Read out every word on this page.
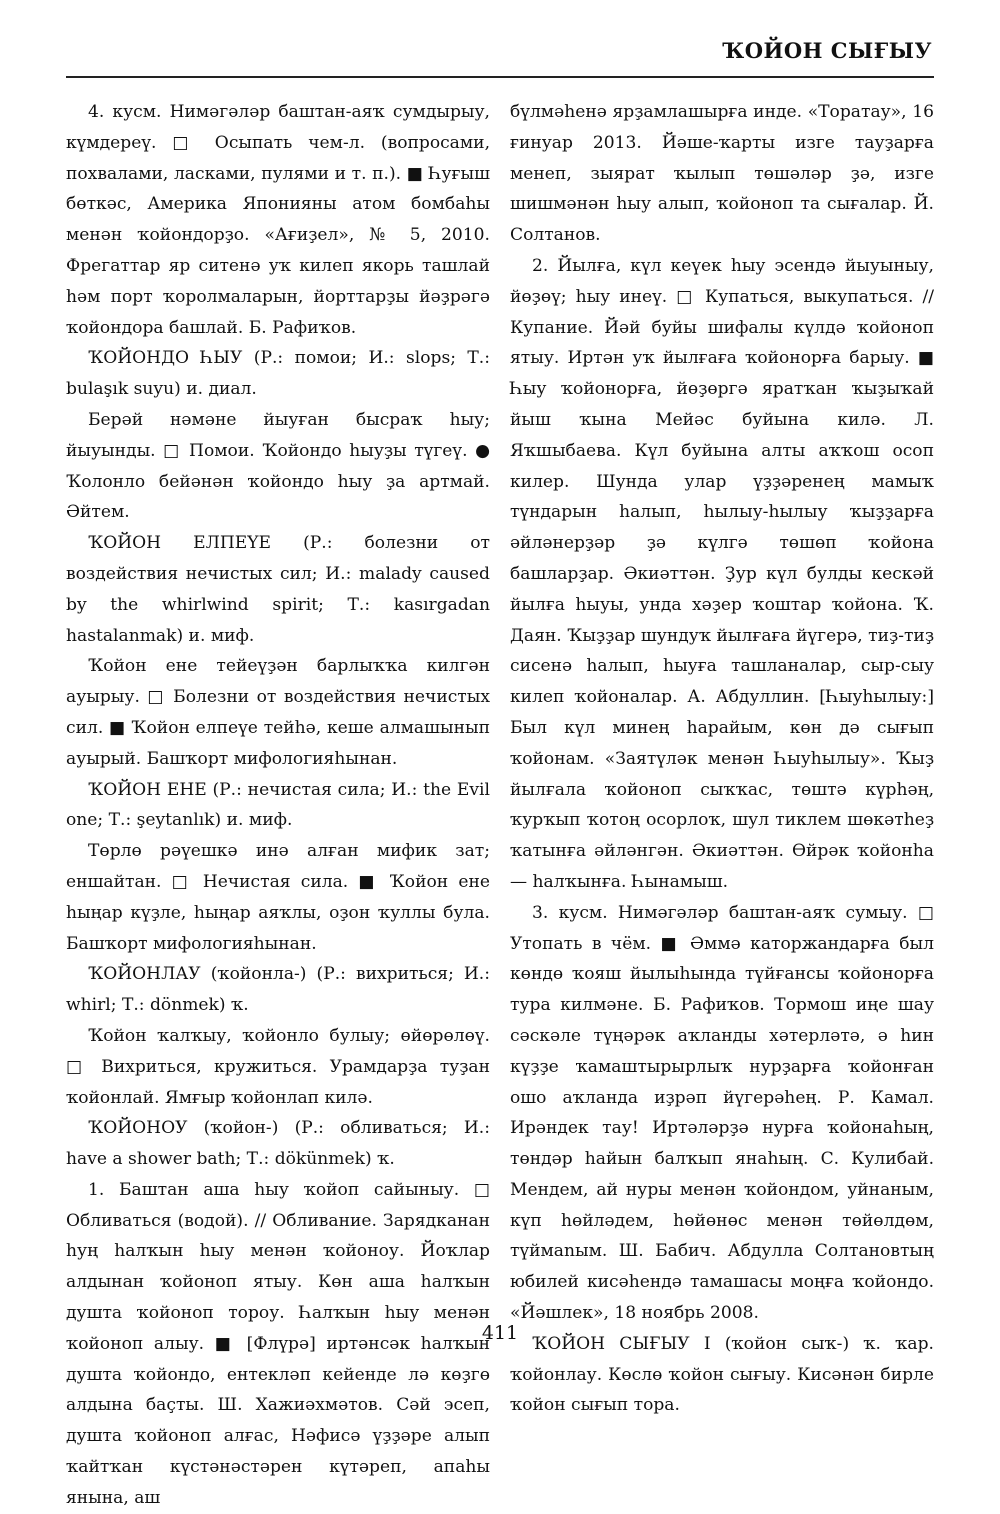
ҠОЙОН СЫҒЫУ

4. кусм. Нимәгәләр баштан-аяҡ сумдырыу, күмдереү. □ Осыпать чем-л. (вопросами, похвалами, ласками, пулями и т. п.). ■ Һуғыш бөткәс, Америка Японияны атом бомбаһы менән ҡойондорҙо. «Ағиҙел», № 5, 2010. Фрегаттар яр ситенә уҡ килеп якорь ташлай һәм порт ҡоролмаларын, йорттарҙы йәҙрәгә ҡойондора башлай. Б. Рафиҡов.

ҠОЙОНДО ҺЫУ (Р.: помои; И.: slops; Т.: bulaşık suyu) и. диал.

Берәй нәмәне йыуған бысраҡ һыу; йыуынды. □ Помои. Ҡойондо һыуҙы түгеү. ● Ҡолонло бейәнән ҡойондо һыу ҙа артмай. Әйтем.

ҠОЙОН ЕЛПЕҮЕ (Р.: болезни от воздействия нечистых сил; И.: malady caused by the whirlwind spirit; Т.: kasırgadan hastalanmak) и. миф.

Ҡойон ене тейеүҙән барлыҡҡа килгән ауырыу. □ Болезни от воздействия нечистых сил. ■ Ҡойон елпеүе тейһә, кеше алмашынып ауырый. Башҡорт мифологияһынан.

ҠОЙОН ЕНЕ (Р.: нечистая сила; И.: the Evil one; Т.: şeytanlık) и. миф.

Төрлө рәүешкә инә алған мифик зат; еншайтан. □ Нечистая сила. ■ Ҡойон ене һыңар күҙле, һыңар аяҡлы, оҙон ҡуллы була. Башҡорт мифологияһынан.

ҠОЙОНЛАУ (ҡойонла-) (Р.: вихриться; И.: whirl; Т.: dönmek) ҡ.

Ҡойон ҡалҡыу, ҡойонло булыу; өйөрөлөү. □ Вихриться, кружиться. Урамдарҙа туҙан ҡойонлай. Ямғыр ҡойонлап килә.

ҠОЙОНОУ (ҡойон-) (Р.: обливаться; И.: have a shower bath; Т.: dökünmek) ҡ.

1. Баштан аша һыу ҡойоп сайыныу. □ Обливаться (водой). // Обливание. Зарядканан һуң һалҡын һыу менән ҡойоноу. Йоҡлар алдынан ҡойоноп ятыу. Көн аша һалҡын душта ҡойоноп тороу. Һалҡын һыу менән ҡойоноп алыу. ■ [Флүрә] иртәнсәк һалҡын душта ҡойондо, ентекләп кейенде лә көҙгө алдына баҫты. Ш. Хажиәхмәтов. Сәй эсеп, душта ҡойоноп алғас, Нәфисә үҙҙәре алып ҡайтҡан күстәнәстәрен күтәреп, апаһы янына, аш

бүлмәһенә ярҙамлашырға инде. «Торатау», 16 ғинуар 2013. Йәше-ҡарты изге тауҙарға менеп, зыярат ҡылып төшәләр ҙә, изге шишмәнән һыу алып, ҡойоноп та сығалар. Й. Солтанов.

2. Йылға, күл кеүек һыу эсендә йыуыныу, йөҙөү; һыу инеү. □ Купаться, выкупаться. // Купание. Йәй буйы шифалы күлдә ҡойоноп ятыу. Иртән уҡ йылғаға ҡойонорға барыу. ■ Һыу ҡойонорға, йөҙөргә яратҡан ҡыҙыҡай йыш ҡына Мейәс буйына килә. Л. Яҡшыбаева. Күл буйына алты аҡҡош осоп килер. Шунда улар үҙҙәренең мамыҡ түндарын һалып, һылыу-һылыу ҡыҙҙарға әйләнерҙәр ҙә күлгә төшөп ҡойона башларҙар. Әкиәттән. Ҙур күл булды кескәй йылға һыуы, унда хәҙер ҡоштар ҡойона. Ҡ. Даян. Ҡыҙҙар шундуҡ йылғаға йүгерә, тиҙ-тиҙ сисенә һалып, һыуға ташланалар, сыр-сыу килеп ҡойоналар. А. Абдуллин. [Һыуһылыу:] Был күл минең һарайым, көн дә сығып ҡойонам. «Заятүләк менән Һыуһылыу». Ҡыҙ йылғала ҡойоноп сыҡҡас, төштә күрһәң, ҡурҡып ҡотоң осорлоҡ, шул тиклем шөкәтһеҙ ҡатынға әйләнгән. Әкиәттән. Өйрәк ҡойонһа — һалҡынға. Һынамыш.

3. кусм. Нимәгәләр баштан-аяҡ сумыу. □ Утопать в чём. ■ Әммә каторжандарға был көндө ҡояш йылыһында түйғансы ҡойонорға тура килмәне. Б. Рафиҡов. Тормош иңе шау сәскәле түңәрәк аҡланды хәтерләтә, ә һин күҙҙе ҡамаштырырлыҡ нурҙарға ҡойонған ошо аҡланда иҙрәп йүгерәһең. Р. Камал. Ирәндек тау! Иртәләрҙә нурға ҡойонаһың, төндәр һайын балҡып янаһың. С. Кулибай. Мендем, ай нуры менән ҡойондом, уйнаным, күп һөйләдем, һөйөнөс менән төйөлдөм, түймаnым. Ш. Бабич. Абдулла Солтановтың юбилей кисәһендә тамашасы моңға ҡойондо. «Йәшлек», 18 ноябрь 2008.

ҠОЙОН СЫҒЫУ I (ҡойон сыҡ-) ҡ. ҡар. ҡойонлау. Көслө ҡойон сығыу. Кисәнән бирле ҡойон сығып тора.

411
